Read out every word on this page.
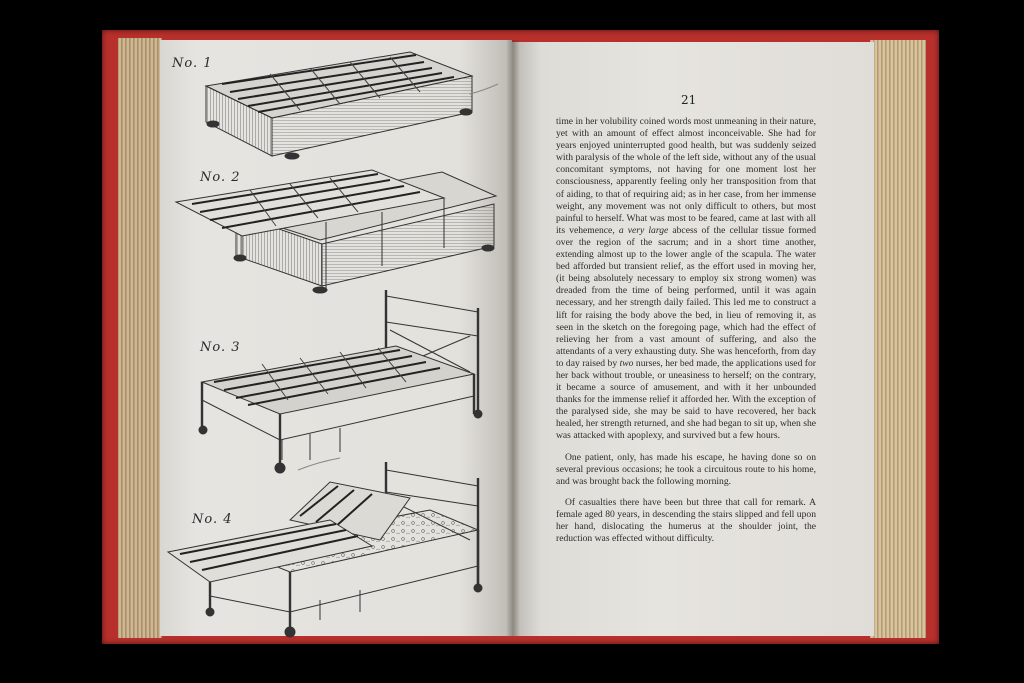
No. 1
No. 2
No. 3
No. 4
21

time in her volubility coined words most unmeaning in their nature, yet with an amount of effect almost inconceivable. She had for years enjoyed uninterrupted good health, but was suddenly seized with paralysis of the whole of the left side, without any of the usual concomitant symptoms, not having for one moment lost her consciousness, apparently feeling only her transposition from that of aiding, to that of requiring aid; as in her case, from her immense weight, any movement was not only difficult to others, but most painful to herself. What was most to be feared, came at last with all its vehemence, a very large abcess of the cellular tissue formed over the region of the sacrum; and in a short time another, extending almost up to the lower angle of the scapula. The water bed afforded but transient relief, as the effort used in moving her, (it being absolutely necessary to employ six strong women) was dreaded from the time of being performed, until it was again necessary, and her strength daily failed. This led me to construct a lift for raising the body above the bed, in lieu of removing it, as seen in the sketch on the foregoing page, which had the effect of relieving her from a vast amount of suffering, and also the attendants of a very exhausting duty. She was henceforth, from day to day raised by two nurses, her bed made, the applications used for her back without trouble, or uneasiness to herself; on the contrary, it became a source of amusement, and with it her unbounded thanks for the immense relief it afforded her. With the exception of the paralysed side, she may be said to have recovered, her back healed, her strength returned, and she had began to sit up, when she was attacked with apoplexy, and survived but a few hours.

One patient, only, has made his escape, he having done so on several previous occasions; he took a circuitous route to his home, and was brought back the following morning.

Of casualties there have been but three that call for remark. A female aged 80 years, in descending the stairs slipped and fell upon her hand, dislocating the humerus at the shoulder joint, the reduction was effected without difficulty.
